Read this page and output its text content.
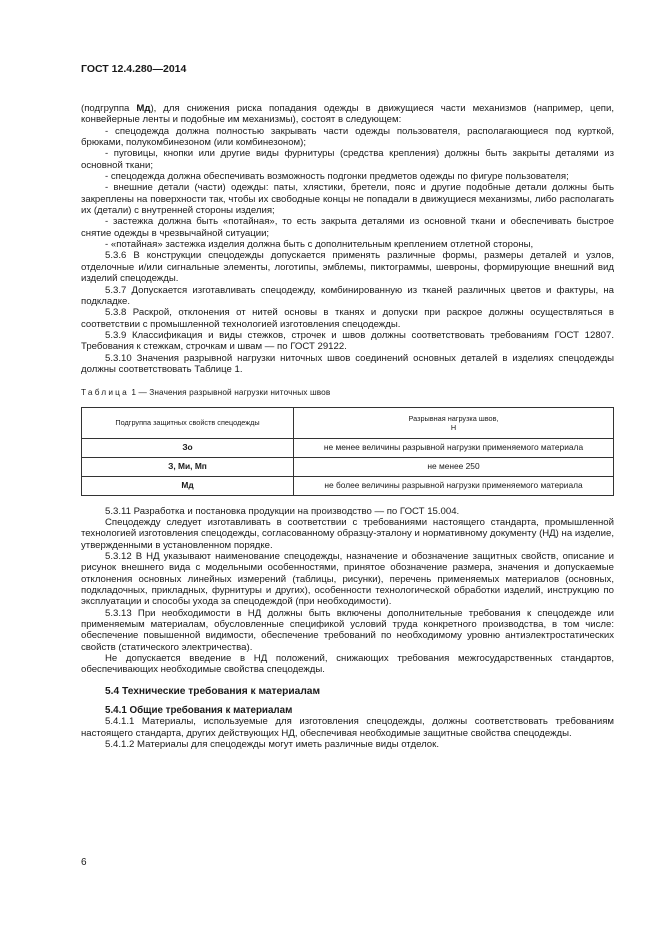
ГОСТ 12.4.280—2014

(подгруппа Мд), для снижения риска попадания одежды в движущиеся части механизмов (например, цепи, конвейерные ленты и подобные им механизмы), состоят в следующем:

- спецодежда должна полностью закрывать части одежды пользователя, располагающиеся под курткой, брюками, полукомбинезоном (или комбинезоном);

- пуговицы, кнопки или другие виды фурнитуры (средства крепления) должны быть закрыты деталями из основной ткани;

- спецодежда должна обеспечивать возможность подгонки предметов одежды по фигуре пользователя;

- внешние детали (части) одежды: паты, хлястики, бретели, пояс и другие подобные детали должны быть закреплены на поверхности так, чтобы их свободные концы не попадали в движущиеся механизмы, либо располагать их (детали) с внутренней стороны изделия;

- застежка должна быть «потайная», то есть закрыта деталями из основной ткани и обеспечивать быстрое снятие одежды в чрезвычайной ситуации;

- «потайная» застежка изделия должна быть с дополнительным креплением отлетной стороны,

5.3.6 В конструкции спецодежды допускается применять различные формы, размеры деталей и узлов, отделочные и/или сигнальные элементы, логотипы, эмблемы, пиктограммы, шевроны, формирующие внешний вид изделий спецодежды.

5.3.7 Допускается изготавливать спецодежду, комбинированную из тканей различных цветов и фактуры, на подкладке.

5.3.8 Раскрой, отклонения от нитей основы в тканях и допуски при раскрое должны осуществляться в соответствии с промышленной технологией изготовления спецодежды.

5.3.9 Классификация и виды стежков, строчек и швов должны соответствовать требованиям ГОСТ 12807. Требования к стежкам, строчкам и швам — по ГОСТ 29122.

5.3.10 Значения разрывной нагрузки ниточных швов соединений основных деталей в изделиях спецодежды должны соответствовать Таблице 1.

Таблица 1 — Значения разрывной нагрузки ниточных швов

Подгруппа защитных свойств спецодежды	Разрывная нагрузка швов,
Н
Зо	не менее величины разрывной нагрузки применяемого материала
З, Ми, Мп	не менее 250
Мд	не более величины разрывной нагрузки применяемого материала

5.3.11 Разработка и постановка продукции на производство — по ГОСТ 15.004.

Спецодежду следует изготавливать в соответствии с требованиями настоящего стандарта, промышленной технологией изготовления спецодежды, согласованному образцу-эталону и нормативному документу (НД) на изделие, утвержденными в установленном порядке.

5.3.12 В НД указывают наименование спецодежды, назначение и обозначение защитных свойств, описание и рисунок внешнего вида с модельными особенностями, принятое обозначение размера, значения и допускаемые отклонения основных линейных измерений (таблицы, рисунки), перечень применяемых материалов (основных, подкладочных, прикладных, фурнитуры и других), особенности технологической обработки изделий, инструкцию по эксплуатации и способы ухода за спецодеждой (при необходимости).

5.3.13 При необходимости в НД должны быть включены дополнительные требования к спецодежде или применяемым материалам, обусловленные спецификой условий труда конкретного производства, в том числе: обеспечение повышенной видимости, обеспечение требований по необходимому уровню антиэлектростатических свойств (статического электричества).

Не допускается введение в НД положений, снижающих требования межгосударственных стандартов, обеспечивающих необходимые свойства спецодежды.

5.4 Технические требования к материалам
5.4.1 Общие требования к материалам

5.4.1.1 Материалы, используемые для изготовления спецодежды, должны соответствовать требованиям настоящего стандарта, других действующих НД, обеспечивая необходимые защитные свойства спецодежды.

5.4.1.2 Материалы для спецодежды могут иметь различные виды отделок.

6
